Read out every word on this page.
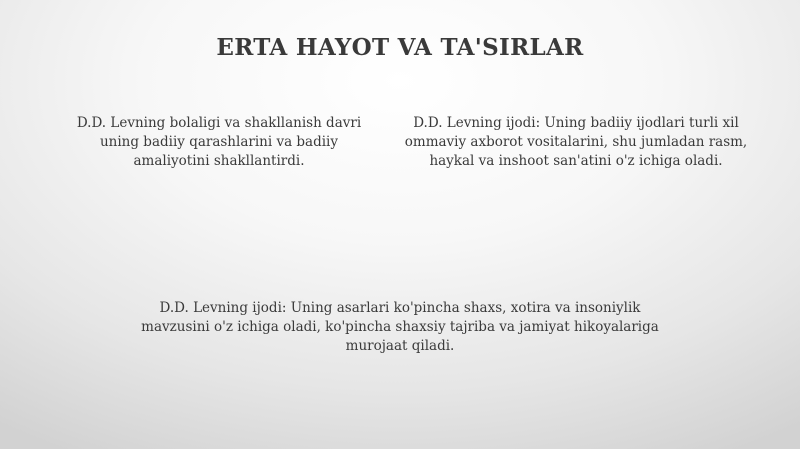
ERTA HAYOT VA TA'SIRLAR
D.D. Levning bolaligi va shakllanish davri uning badiiy qarashlarini va badiiy amaliyotini shakllantirdi.
D.D. Levning ijodi: Uning badiiy ijodlari turli xil ommaviy axborot vositalarini, shu jumladan rasm, haykal va inshoot san'atini o'z ichiga oladi.
D.D. Levning ijodi: Uning asarlari ko'pincha shaxs, xotira va insoniylik mavzusini o'z ichiga oladi, ko'pincha shaxsiy tajriba va jamiyat hikoyalariga murojaat qiladi.
